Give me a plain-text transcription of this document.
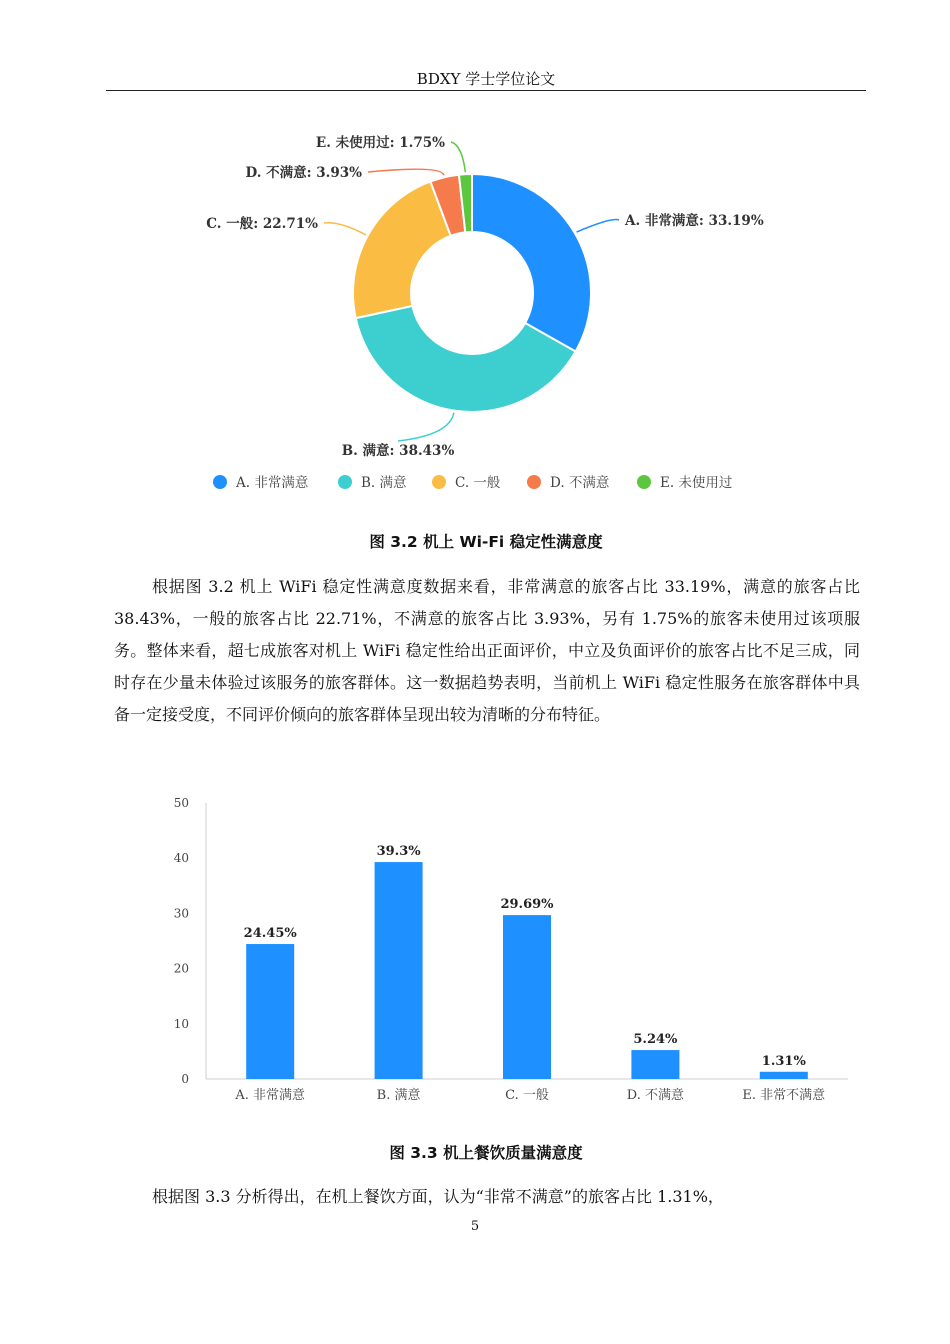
BDXY 学士学位论文
A. 非常满意: 33.19%
B. 满意: 38.43%
C. 一般: 22.71%
D. 不满意: 3.93%
E. 未使用过: 1.75%
A. 非常满意	B. 满意	C. 一般	D. 不满意	E. 未使用过
图 3.2 机上 Wi-Fi 稳定性满意度
根据图 3.2 机上 WiFi 稳定性满意度数据来看，非常满意的旅客占比 33.19%，满意的旅客占比 38.43%，一般的旅客占比 22.71%，不满意的旅客占比 3.93%，另有 1.75%的旅客未使用过该项服务。整体来看，超七成旅客对机上 WiFi 稳定性给出正面评价，中立及负面评价的旅客占比不足三成，同时存在少量未体验过该服务的旅客群体。这一数据趋势表明，当前机上 WiFi 稳定性服务在旅客群体中具备一定接受度，不同评价倾向的旅客群体呈现出较为清晰的分布特征。
0
10
20
30
40
50
24.45%
A. 非常满意
39.3%
B. 满意
29.69%
C. 一般
5.24%
D. 不满意
1.31%
E. 非常不满意
图 3.3 机上餐饮质量满意度
根据图 3.3 分析得出，在机上餐饮方面，认为“非常不满意”的旅客占比 1.31%，
5
